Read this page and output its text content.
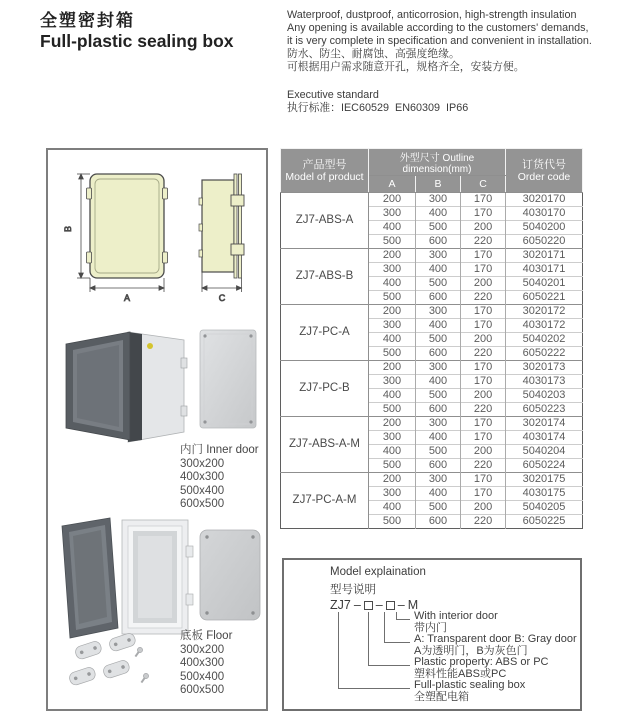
全塑密封箱
Full-plastic sealing box
Waterproof, dustproof, anticorrosion, high-strength insulation
Any opening is available according to the customers' demands,
it is very complete in specification and convenient in installation.
防水、防尘、耐腐蚀、高强度绝缘。
可根据用户需求随意开孔，规格齐全，安装方便。
Executive standard
执行标准：IEC60529  EN60309  IP66
B
A	C
内门 Inner door
300x200
400x300
500x400
600x500
底板 Floor
300x200
400x300
500x400
600x500
产品型号
Model of product
	外型尺寸 Outline dimension(mm)	订货代号
Order code

	A	B	C	
ZJ7-ABS-A	200	300	170	3020170
	300	400	170	4030170
	400	500	200	5040200
	500	600	220	6050220
ZJ7-ABS-B	200	300	170	3020171
	300	400	170	4030171
	400	500	200	5040201
	500	600	220	6050221
ZJ7-PC-A	200	300	170	3020172
	300	400	170	4030172
	400	500	200	5040202
	500	600	220	6050222
ZJ7-PC-B	200	300	170	3020173
	300	400	170	4030173
	400	500	200	5040203
	500	600	220	6050223
ZJ7-ABS-A-M	200	300	170	3020174
	300	400	170	4030174
	400	500	200	5040204
	500	600	220	6050224
ZJ7-PC-A-M	200	300	170	3020175
	300	400	170	4030175
	400	500	200	5040205
	500	600	220	6050225
Model explaination
型号说明
ZJ7 – – – M
With interior door
带内门
A: Transparent door B: Gray door
A为透明门，B为灰色门
Plastic property: ABS or PC
塑料性能ABS或PC
Full-plastic sealing box
全塑配电箱
